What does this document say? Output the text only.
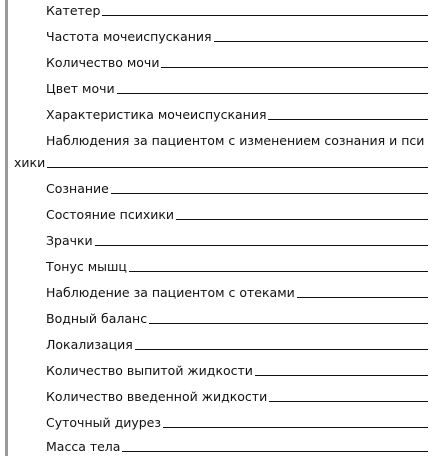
Катетер
Частота мочеиспускания
Количество мочи
Цвет мочи
Характеристика мочеиспускания
Наблюдения за пациентом с изменением сознания и пси
хики
Сознание
Состояние психики
Зрачки
Тонус мышц
Наблюдение за пациентом с отеками
Водный баланс
Локализация
Количество выпитой жидкости
Количество введенной жидкости
Суточный диурез
Масса тела
